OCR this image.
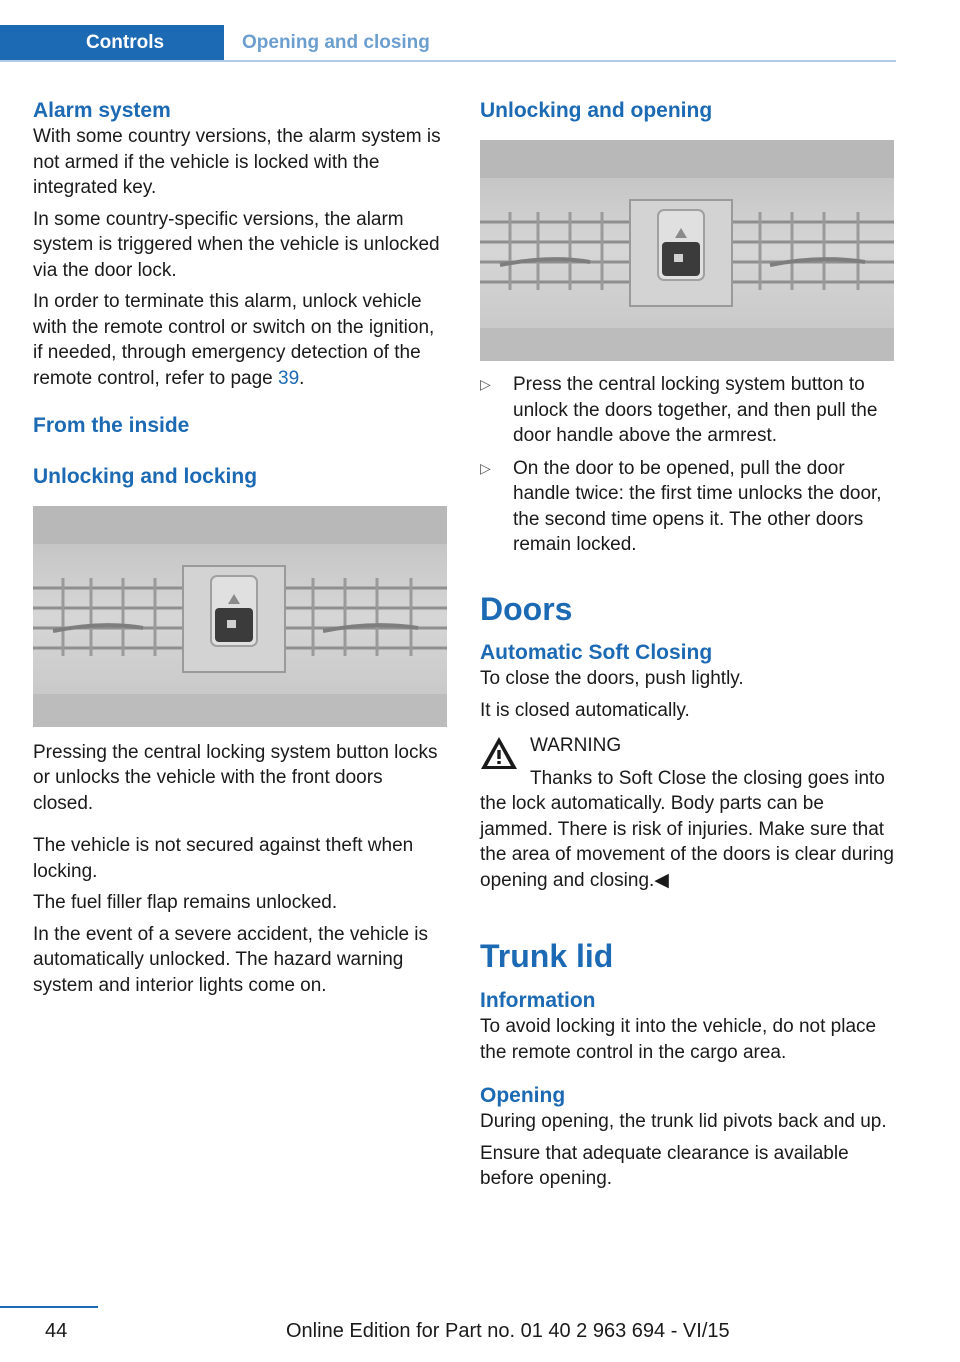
Controls	Opening and closing
Alarm system

With some country versions, the alarm system is not armed if the vehicle is locked with the integrated key.

In some country-specific versions, the alarm system is triggered when the vehicle is unlocked via the door lock.

In order to terminate this alarm, unlock vehicle with the remote control or switch on the ignition, if needed, through emergency detection of the remote control, refer to page 39.

From the inside
Unlocking and locking

Pressing the central locking system button locks or unlocks the vehicle with the front doors closed.

The vehicle is not secured against theft when locking.

The fuel filler flap remains unlocked.

In the event of a severe accident, the vehicle is automatically unlocked. The hazard warning system and interior lights come on.

Unlocking and opening
▷ Press the central locking system button to unlock the doors together, and then pull the door handle above the armrest.
▷ On the door to be opened, pull the door handle twice: the first time unlocks the door, the second time opens it. The other doors remain locked.
Doors
Automatic Soft Closing

To close the doors, push lightly.

It is closed automatically.

WARNING

Thanks to Soft Close the closing goes into the lock automatically. Body parts can be jammed. There is risk of injuries. Make sure that the area of movement of the doors is clear during opening and closing.◀

Trunk lid
Information

To avoid locking it into the vehicle, do not place the remote control in the cargo area.

Opening

During opening, the trunk lid pivots back and up.

Ensure that adequate clearance is available before opening.

44	Online Edition for Part no. 01 40 2 963 694 - VI/15
